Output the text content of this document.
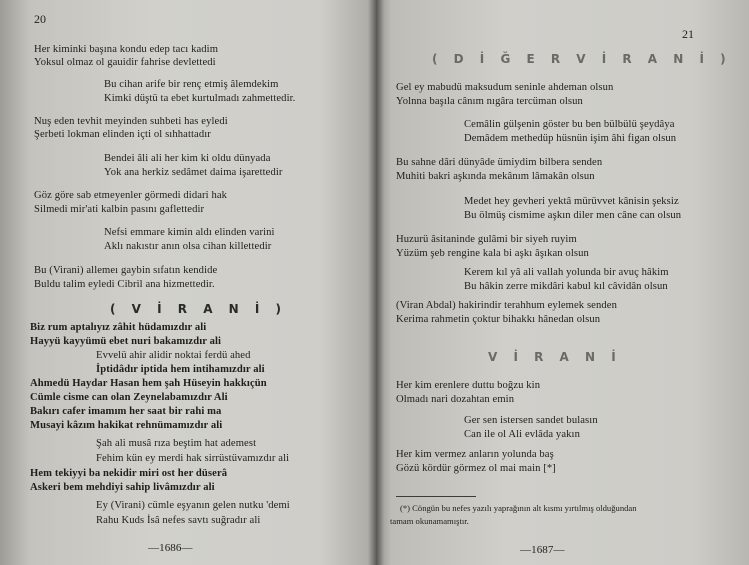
20
Her kiminki başına kondu edep tacı kadim
Yoksul olmaz ol gauidir fahrise devlettedi
Bu cihan arife bir renç etmiş âlemdekim
Kimki düştü ta ebet kurtulmadı zahmettedir.
Nuş eden tevhit meyinden suhbeti has eyledi
Şerbeti lokman elinden içti ol sıhhattadır
Bendei âli ali her kim ki oldu dünyada
Yok ana herkiz sedâmet daima işarettedir
Göz göre sab etmeyenler görmedi didari hak
Silmedi mir'ati kalbin pasını gaflettedir
Nefsi emmare kimin aldı elinden varini
Aklı nakıstır anın olsa cihan killettedir
Bu (Virani) allemeı gaybin sıfatın kendide
Buldu talim eyledi Cibril ana hizmettedir.
( V İ R A N İ )
Biz rum aptalıyız zâhit hüdamızdır ali
Hayyü kayyümü ebet nuri bakamızdır ali
Evvelü ahir alidir noktai ferdü ahed
İptidâdır iptida hem intihamızdır ali
Ahmedü Haydar Hasan hem şah Hüseyin hakkıçün
Cümle cisme can olan Zeynelabamızdır Ali
Bakırı cafer imamım her saat bir rahi ma
Musayi kâzım hakikat rehnümamızdır ali
Şah ali musâ rıza beştim hat ademest
Fehim kün ey merdi hak sirrüstüvamızdır ali
Hem tekiyyi ba nekidir miri ost her düserâ
Askeri bem mehdiyi sahip livâmızdır ali
Ey (Virani) cümle eşyanın gelen nutku 'demi
Rahu Kuds İsâ nefes savtı suğradır ali
—1686—
21
( D İ Ğ E R V İ R A N İ )
Gel ey mabudü maksudum seninle ahdeman olsun
Yolnna başıla cânım nıgâra tercüman olsun
Cemâlin gülşenin göster bu ben bülbülü şeydâya
Demâdem methedüp hüsnün işim âhi figan olsun
Bu sahne dâri dünyâde ümiydim bilbera senden
Muhiti bakri aşkında mekânım lâmakân olsun
Medet hey gevheri yektâ mürüvvet kânisin şeksiz
Bu ölmüş cismime aşkın diler men câne can olsun
Huzurü âsitaninde gulâmi bir siyeh ruyim
Yüzüm şeb rengine kala bi aşkı âşıkan olsun
Kerem kıl yâ ali vallah yolunda bir avuç hâkim
Bu hâkin zerre mikdâri kabul kıl câvidân olsun
(Viran Abdal) hakirindir terahhum eylemek senden
Kerima rahmetin çoktur bihakkı hânedan olsun
V İ R A N İ
Her kim erenlere duttu boğzu kin
Olmadı nari dozahtan emin
Ger sen istersen sandet bulasın
Can ile ol Ali evlâda yakın
Her kim vermez anların yolunda baş
Gözü kördür görmez ol mai main [*]
(*) Cöngün bu nefes yazılı yaprağının alt kısmı yırtılmış olduğundan
tamam okunamamıştır.
—1687—
